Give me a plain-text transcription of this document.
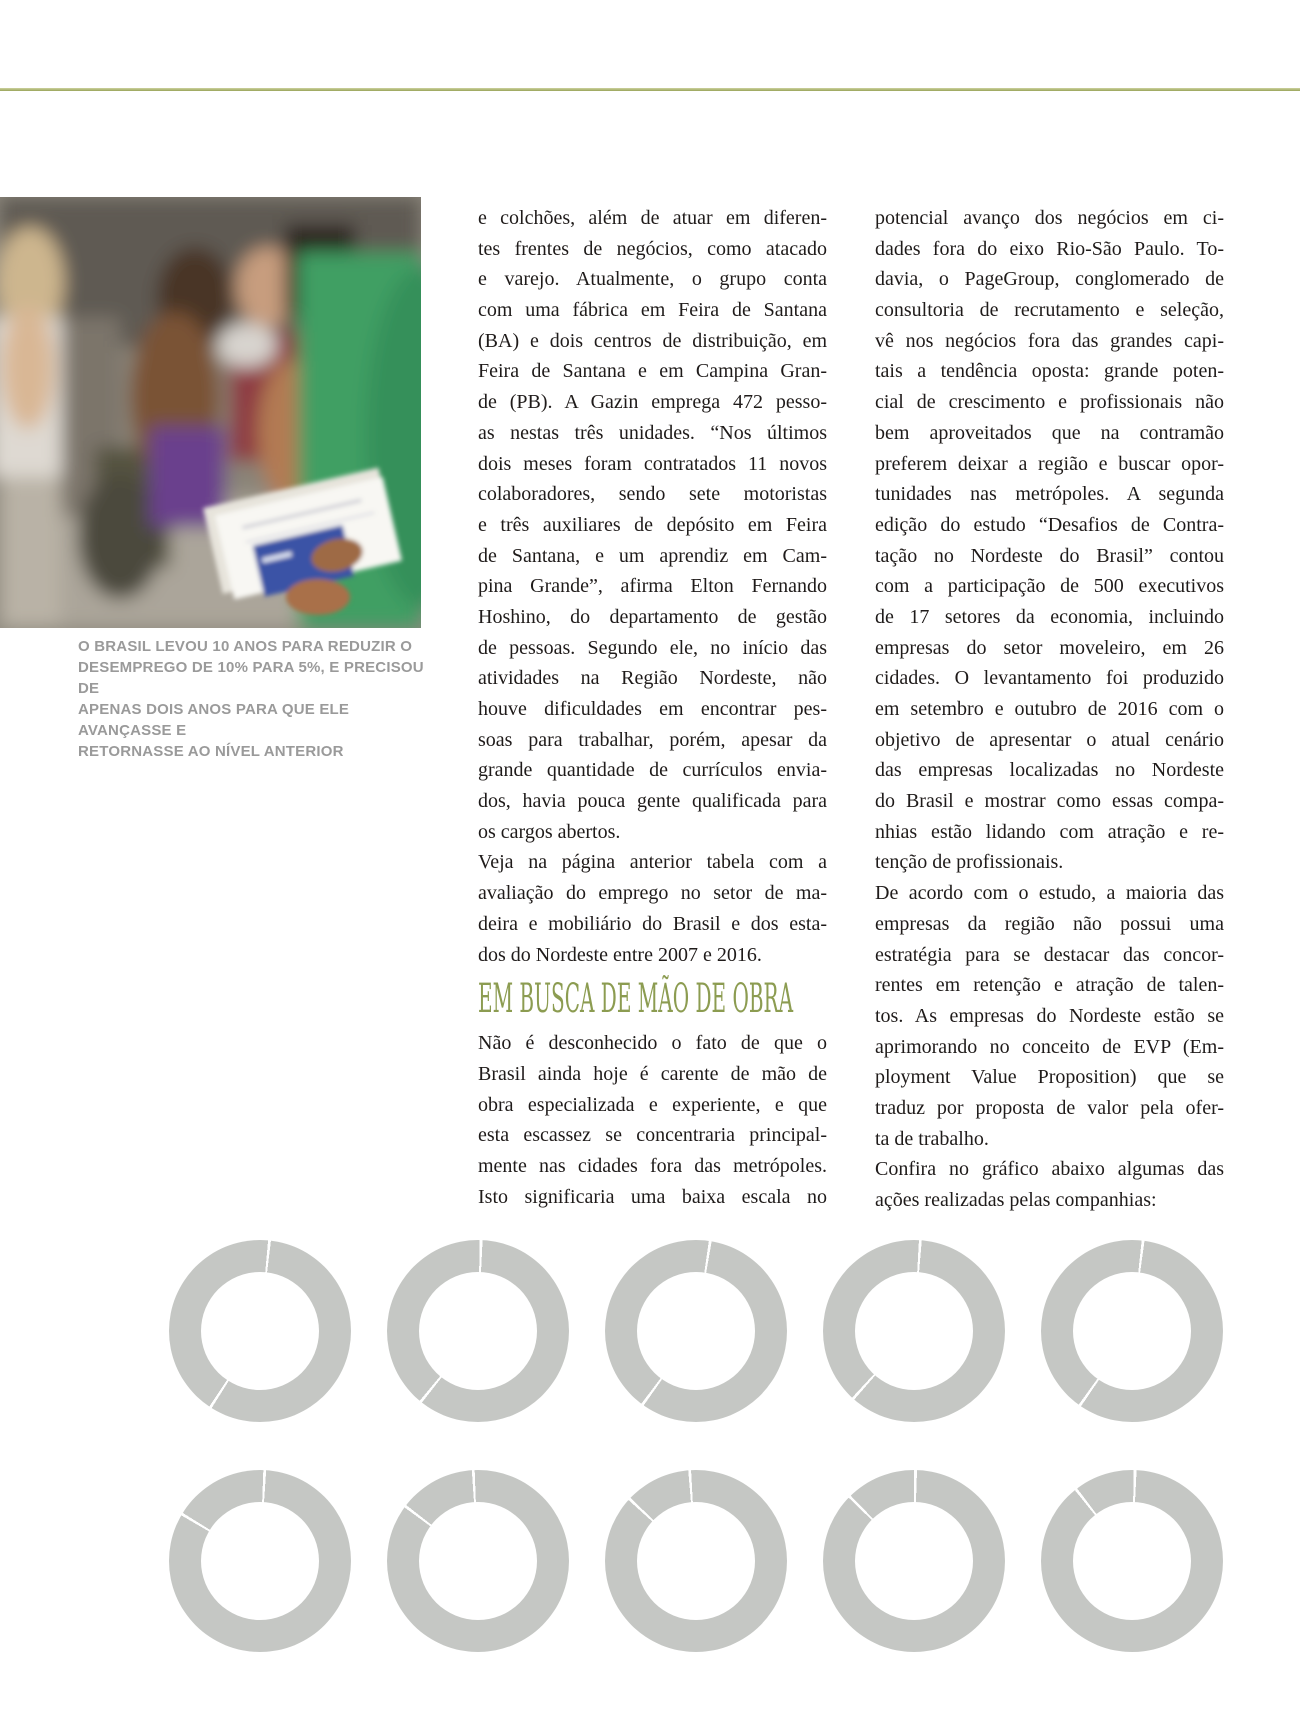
O BRASIL LEVOU 10 ANOS PARA REDUZIR O
DESEMPREGO DE 10% PARA 5%, E PRECISOU DE
APENAS DOIS ANOS PARA QUE ELE AVANÇASSE E
RETORNASSE AO NÍVEL ANTERIOR
e colchões, além de atuar em diferen-
tes frentes de negócios, como atacado
e varejo. Atualmente, o grupo conta
com uma fábrica em Feira de Santana
(BA) e dois centros de distribuição, em
Feira de Santana e em Campina Gran-
de (PB). A Gazin emprega 472 pesso-
as nestas três unidades. “Nos últimos
dois meses foram contratados 11 novos
colaboradores, sendo sete motoristas
e três auxiliares de depósito em Feira
de Santana, e um aprendiz em Cam-
pina Grande”, afirma Elton Fernando
Hoshino, do departamento de gestão
de pessoas. Segundo ele, no início das
atividades na Região Nordeste, não
houve dificuldades em encontrar pes-
soas para trabalhar, porém, apesar da
grande quantidade de currículos envia-
dos, havia pouca gente qualificada para
os cargos abertos.
Veja na página anterior tabela com a
avaliação do emprego no setor de ma-
deira e mobiliário do Brasil e dos esta-
dos do Nordeste entre 2007 e 2016.
EM BUSCA DE MÃO DE OBRA
Não é desconhecido o fato de que o
Brasil ainda hoje é carente de mão de
obra especializada e experiente, e que
esta escassez se concentraria principal-
mente nas cidades fora das metrópoles.
Isto significaria uma baixa escala no
potencial avanço dos negócios em ci-
dades fora do eixo Rio-São Paulo. To-
davia, o PageGroup, conglomerado de
consultoria de recrutamento e seleção,
vê nos negócios fora das grandes capi-
tais a tendência oposta: grande poten-
cial de crescimento e profissionais não
bem aproveitados que na contramão
preferem deixar a região e buscar opor-
tunidades nas metrópoles. A segunda
edição do estudo “Desafios de Contra-
tação no Nordeste do Brasil” contou
com a participação de 500 executivos
de 17 setores da economia, incluindo
empresas do setor moveleiro, em 26
cidades. O levantamento foi produzido
em setembro e outubro de 2016 com o
objetivo de apresentar o atual cenário
das empresas localizadas no Nordeste
do Brasil e mostrar como essas compa-
nhias estão lidando com atração e re-
tenção de profissionais.
De acordo com o estudo, a maioria das
empresas da região não possui uma
estratégia para se destacar das concor-
rentes em retenção e atração de talen-
tos. As empresas do Nordeste estão se
aprimorando no conceito de EVP (Em-
ployment Value Proposition) que se
traduz por proposta de valor pela ofer-
ta de trabalho.
Confira no gráfico abaixo algumas das
ações realizadas pelas companhias:
